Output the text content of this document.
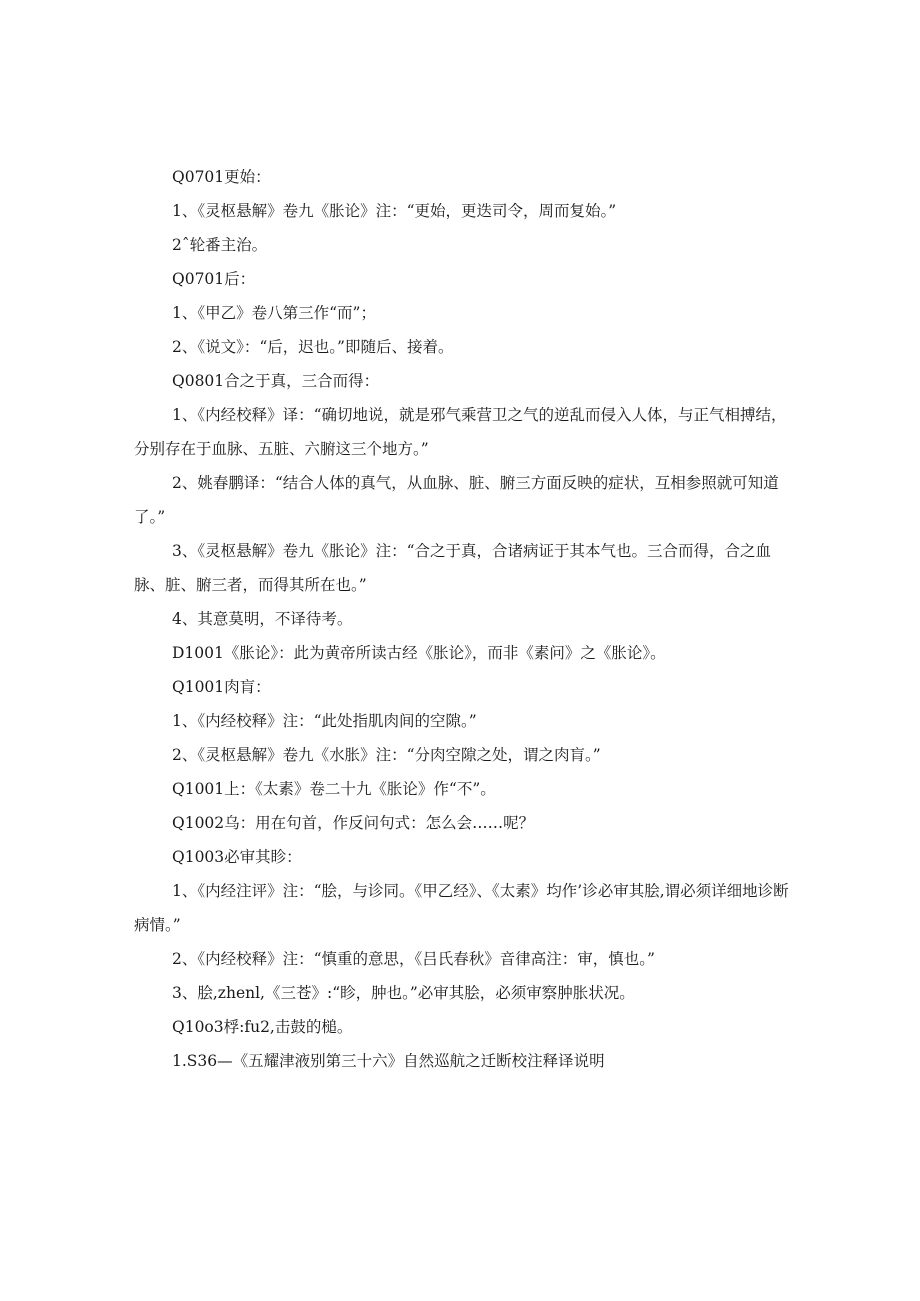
Q0701更始：

1、《灵枢悬解》卷九《胀论》注：“更始，更迭司令，周而复始。”

2ˆ轮番主治。

Q0701后：

1、《甲乙》卷八第三作“而”；

2、《说文》：“后，迟也。”即随后、接着。

Q0801合之于真，三合而得：

1、《内经校释》译：“确切地说，就是邪气乘营卫之气的逆乱而侵入人体，与正气相搏结，分别存在于血脉、五脏、六腑这三个地方。”

2、姚春鹏译：“结合人体的真气，从血脉、脏、腑三方面反映的症状，互相参照就可知道了。”

3、《灵枢悬解》卷九《胀论》注：“合之于真，合诸病证于其本气也。三合而得，合之血脉、脏、腑三者，而得其所在也。”

4、其意莫明，不译待考。

D1001《胀论》：此为黄帝所读古经《胀论》，而非《素问》之《胀论》。

Q1001肉肓：

1、《内经校释》注：“此处指肌肉间的空隙。”

2、《灵枢悬解》卷九《水胀》注：“分肉空隙之处，谓之肉肓。”

Q1001上：《太素》卷二十九《胀论》作“不”。

Q1002乌：用在句首，作反问句式：怎么会……呢？

Q1003必审其眕：

1、《内经注评》注：“脍，与诊同。《甲乙经》、《太素》均作’诊必审其脍,谓必须详细地诊断病情。”

2、《内经校释》注：“慎重的意思，《吕氏春秋》音律高注：审，慎也。”

3、脍,zhenl,《三苍》:“眕，肿也。”必审其脍，必须审察肿胀状况。

Q10o3桴:fu2,击鼓的槌。

1.S36—《五耀津液别第三十六》自然巡航之迁断校注释译说明
